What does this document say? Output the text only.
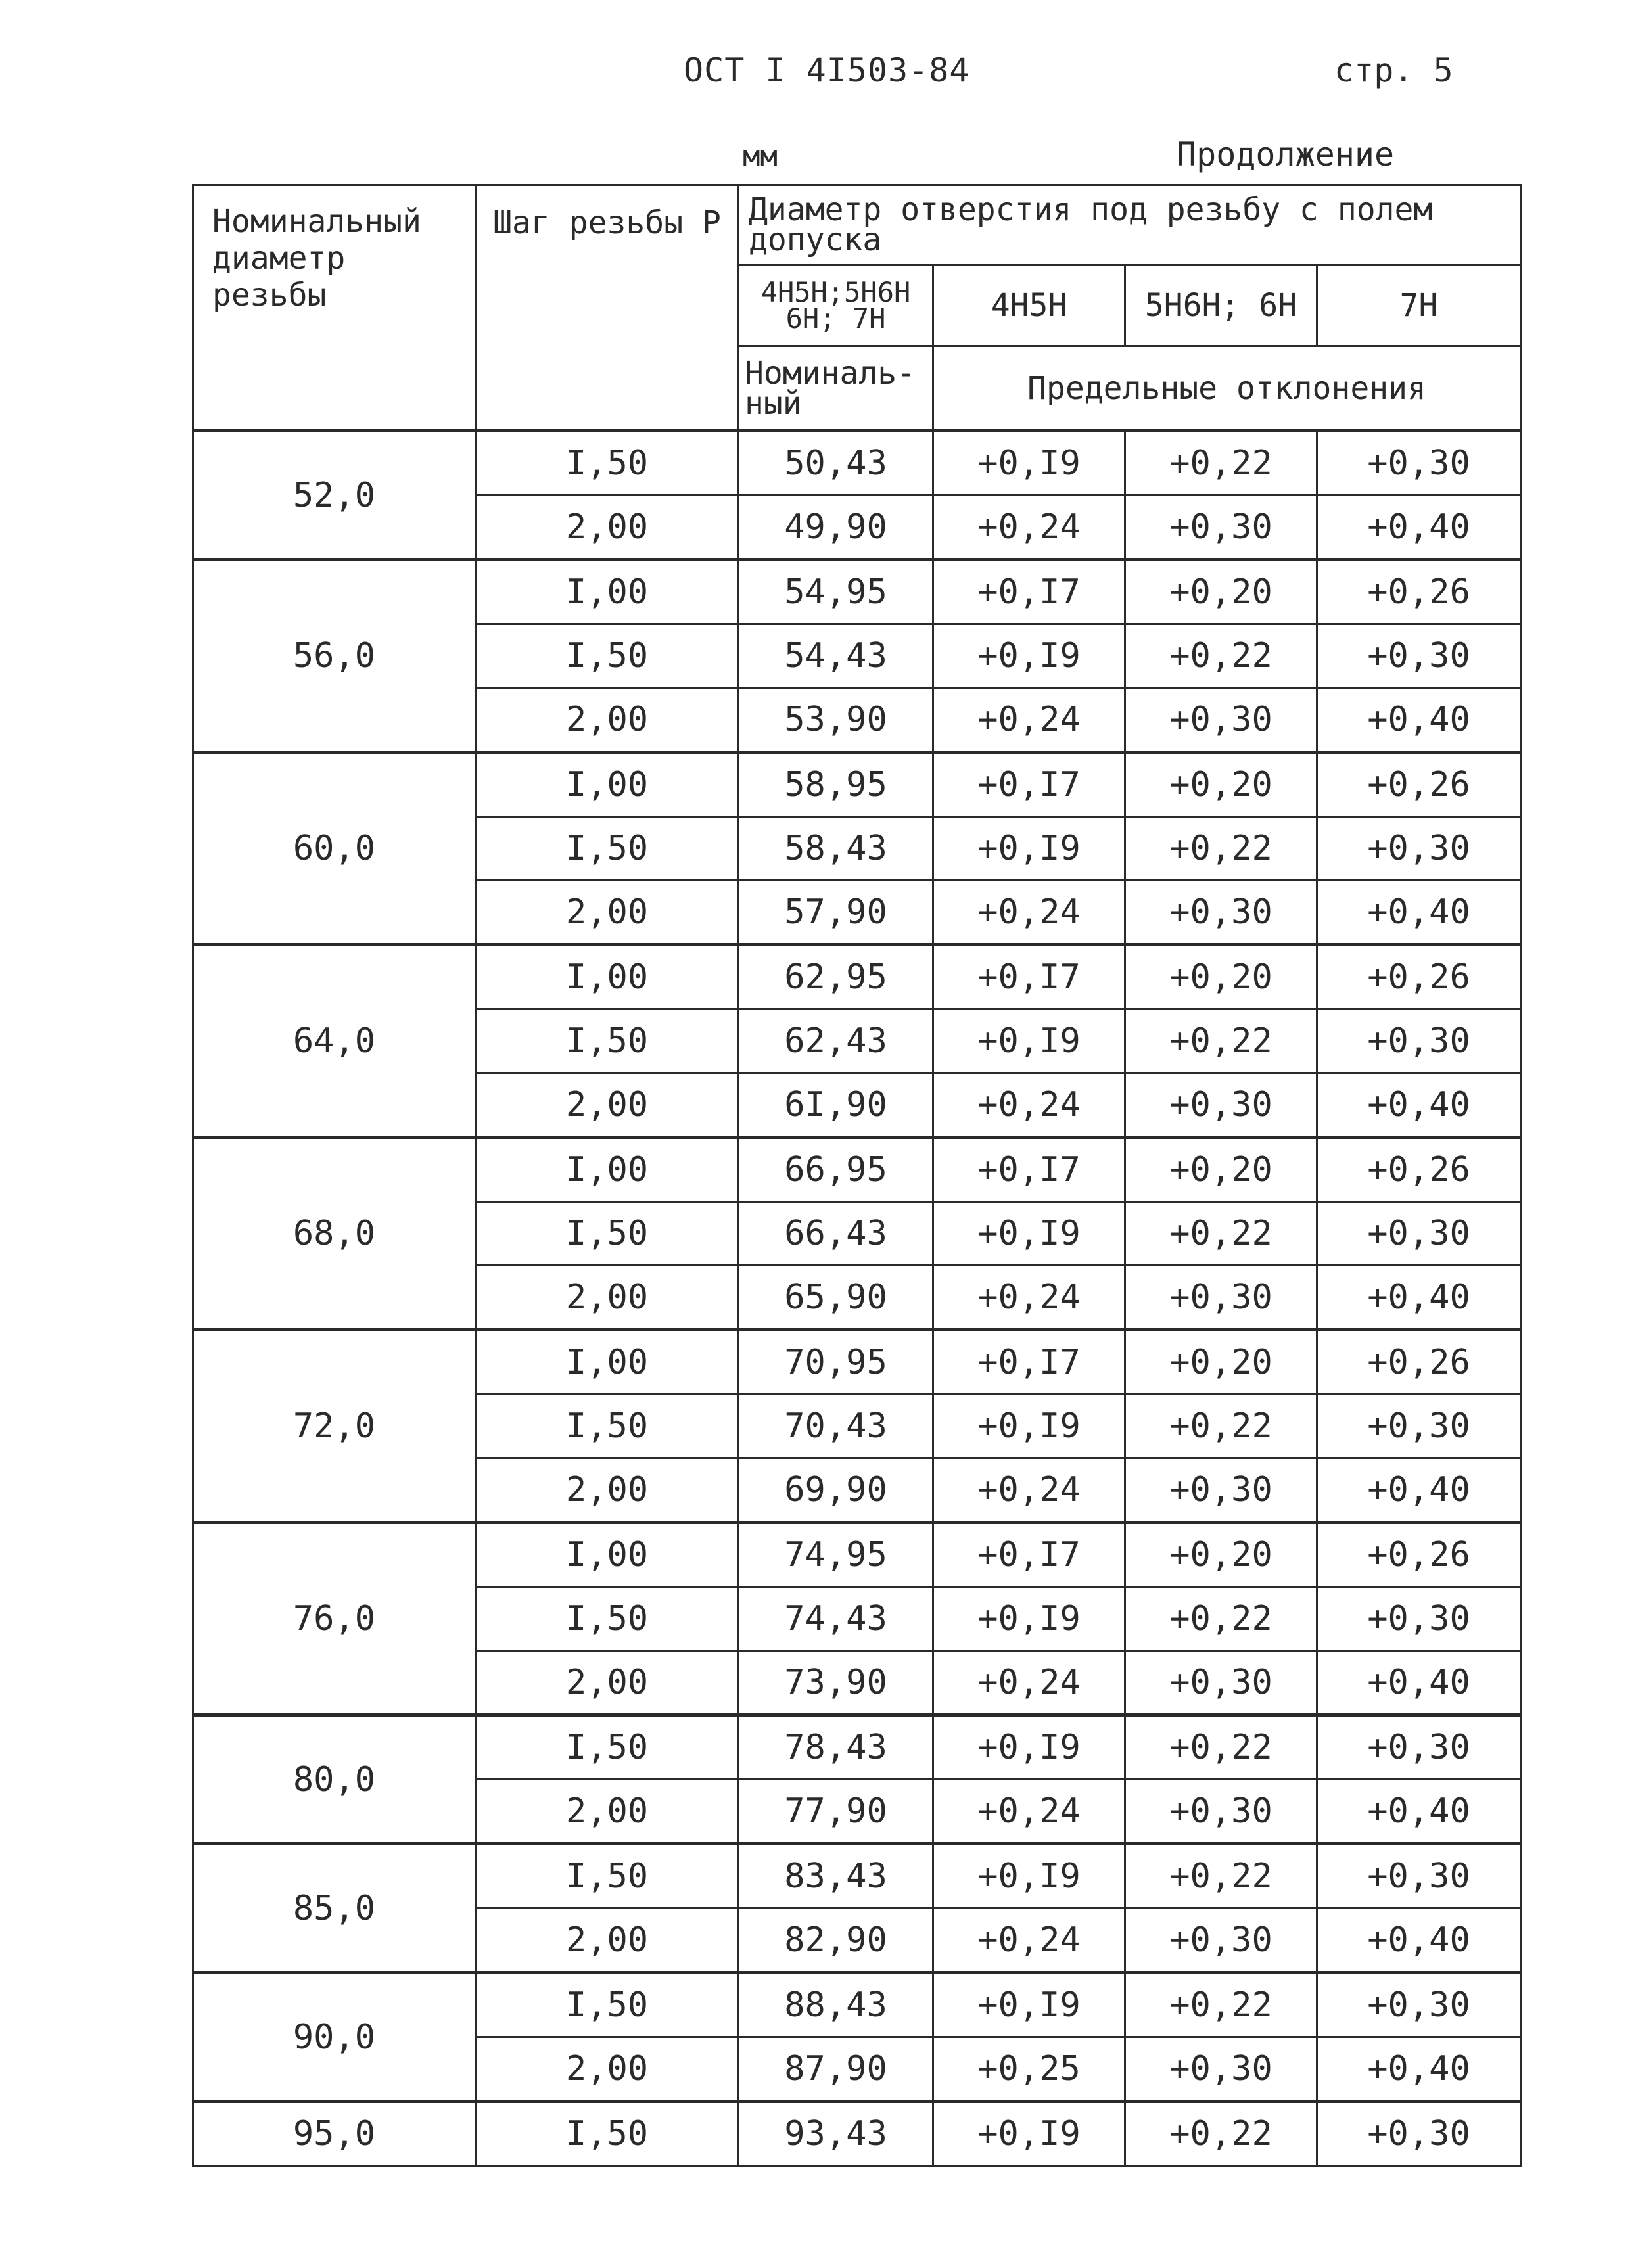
ОСТ I 4I503-84	стр. 5
мм	Продолжение
Номинальный диаметр резьбы	Шаг резьбы Р	Диаметр отверстия под резьбу с полем допуска			
		4Н5Н;5Н6Н 6Н; 7Н	4Н5Н	5Н6Н; 6Н	7Н
		Номиналь- ный	Предельные отклонения		
52,0	I,50	50,43	+0,I9	+0,22	+0,30
	2,00	49,90	+0,24	+0,30	+0,40
56,0	I,00	54,95	+0,I7	+0,20	+0,26
	I,50	54,43	+0,I9	+0,22	+0,30
	2,00	53,90	+0,24	+0,30	+0,40
60,0	I,00	58,95	+0,I7	+0,20	+0,26
	I,50	58,43	+0,I9	+0,22	+0,30
	2,00	57,90	+0,24	+0,30	+0,40
64,0	I,00	62,95	+0,I7	+0,20	+0,26
	I,50	62,43	+0,I9	+0,22	+0,30
	2,00	6I,90	+0,24	+0,30	+0,40
68,0	I,00	66,95	+0,I7	+0,20	+0,26
	I,50	66,43	+0,I9	+0,22	+0,30
	2,00	65,90	+0,24	+0,30	+0,40
72,0	I,00	70,95	+0,I7	+0,20	+0,26
	I,50	70,43	+0,I9	+0,22	+0,30
	2,00	69,90	+0,24	+0,30	+0,40
76,0	I,00	74,95	+0,I7	+0,20	+0,26
	I,50	74,43	+0,I9	+0,22	+0,30
	2,00	73,90	+0,24	+0,30	+0,40
80,0	I,50	78,43	+0,I9	+0,22	+0,30
	2,00	77,90	+0,24	+0,30	+0,40
85,0	I,50	83,43	+0,I9	+0,22	+0,30
	2,00	82,90	+0,24	+0,30	+0,40
90,0	I,50	88,43	+0,I9	+0,22	+0,30
	2,00	87,90	+0,25	+0,30	+0,40
95,0	I,50	93,43	+0,I9	+0,22	+0,30
